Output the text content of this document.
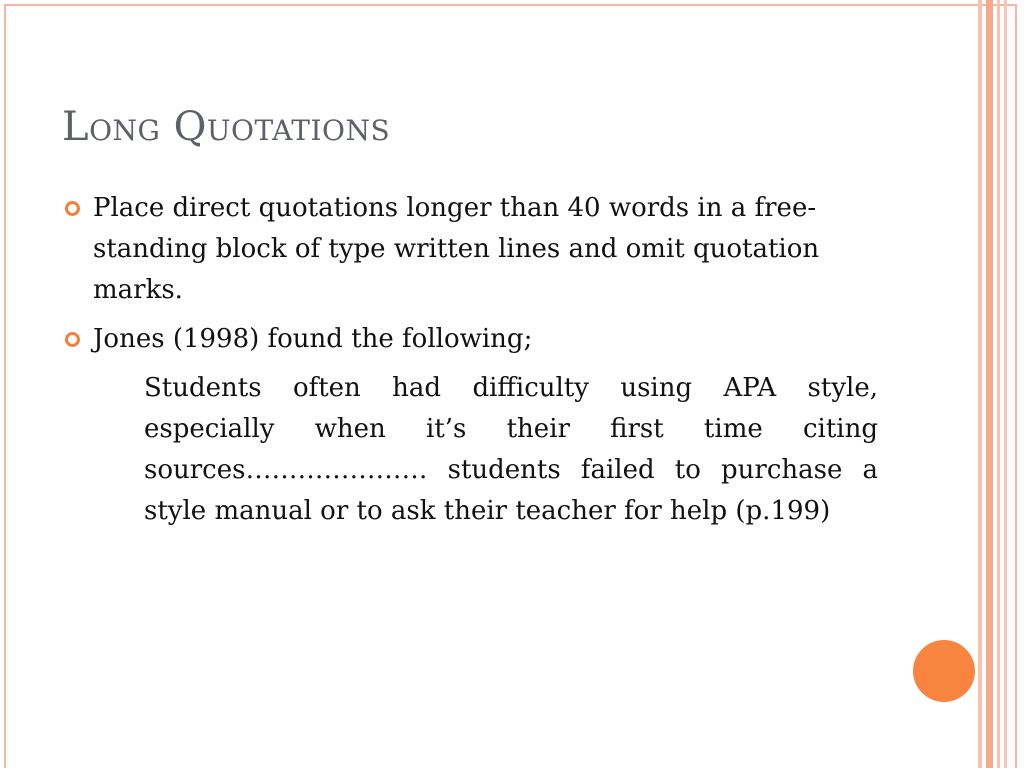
Long Quotations
Place direct quotations longer than 40 words in a free-standing block of type written lines and omit quotation marks.
Jones (1998) found the following;
Students often had difficulty using APA style, especially when it’s their first time citing sources………………… students failed to purchase a style manual or to ask their teacher for help (p.199)
